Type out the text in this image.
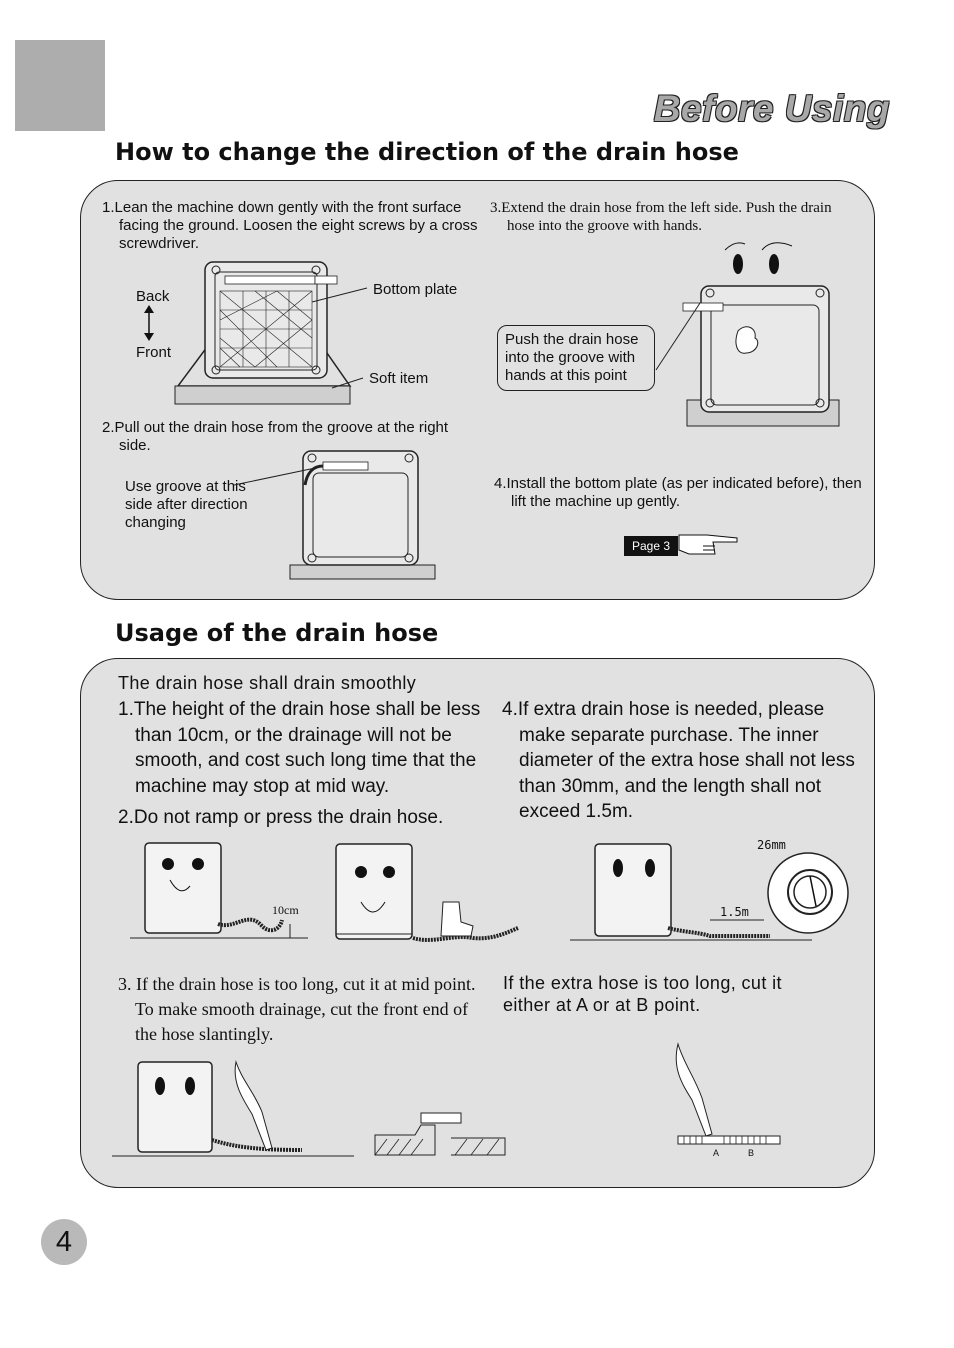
Before Using
How to change the direction of the drain hose
1.Lean the machine down gently with the front surface facing the ground. Loosen the eight screws by a cross screwdriver.
Back
Front
Bottom plate
Soft item
2.Pull out the drain hose from the groove at the right side.
Use groove at this side after direction changing
3.Extend the drain hose from the left side. Push the drain hose into the groove with hands.
Push the drain hose into the groove with hands at this point
4.Install the bottom plate (as per indicated before), then lift the machine up gently.
Page 3
Usage of the drain hose
The drain hose shall drain smoothly
1.The height of the drain hose shall be less than 10cm, or the drainage will not be smooth, and cost such long time that the machine may stop at mid way.
2.Do not ramp or press the drain hose.
4.If extra drain hose is needed, please make separate purchase. The inner diameter of the extra hose shall not less than 30mm, and the length shall not exceed 1.5m.
10cm
26mm
1.5m
3. If the drain hose is too long, cut it at mid point. To make smooth drainage, cut the front end of the hose slantingly.
If the extra hose is too long, cut it either at A or at B point.
A	B
4
